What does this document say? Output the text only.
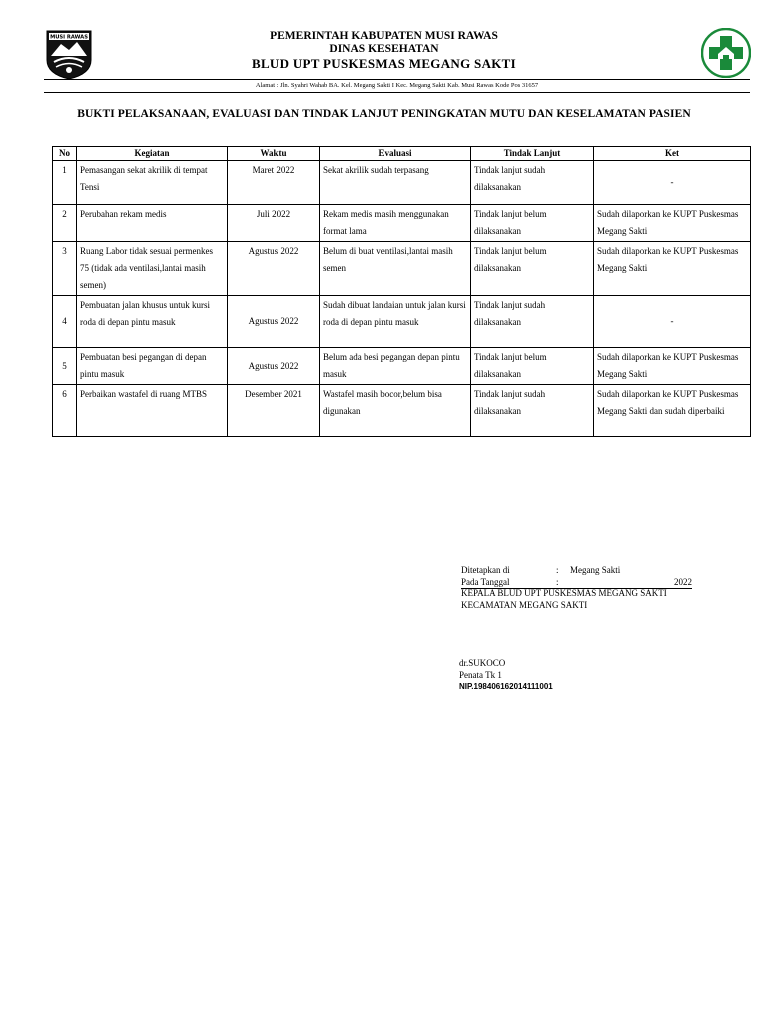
MUSI RAWAS	PEMERINTAH KABUPATEN MUSI RAWAS
DINAS KESEHATAN
BLUD UPT PUSKESMAS MEGANG SAKTI
Alamat : Jln. Syahri Wahab BA. Kel. Megang Sakti I Kec. Megang Sakti Kab. Musi Rawas Kode Pos 31657
BUKTI PELAKSANAAN, EVALUASI DAN TINDAK LANJUT PENINGKATAN MUTU DAN KESELAMATAN PASIEN
No	Kegiatan	Waktu	Evaluasi	Tindak Lanjut	Ket
1	Pemasangan sekat akrilik di tempat Tensi	Maret 2022	Sekat akrilik sudah terpasang	Tindak lanjut sudah dilaksanakan	-
2	Perubahan rekam medis	Juli 2022	Rekam medis masih menggunakan format lama	Tindak lanjut belum dilaksanakan	Sudah dilaporkan ke KUPT Puskesmas Megang Sakti
3	Ruang Labor tidak sesuai permenkes 75 (tidak ada ventilasi,lantai masih semen)	Agustus 2022	Belum di buat ventilasi,lantai masih semen	Tindak lanjut belum dilaksanakan	Sudah dilaporkan ke KUPT Puskesmas Megang Sakti
4	Pembuatan jalan khusus untuk kursi roda di depan pintu masuk	Agustus 2022	Sudah dibuat landaian untuk jalan kursi roda di depan pintu masuk	Tindak lanjut sudah dilaksanakan	-
5	Pembuatan besi pegangan di depan pintu masuk	Agustus 2022	Belum ada besi pegangan depan pintu masuk	Tindak lanjut belum dilaksanakan	Sudah dilaporkan ke KUPT Puskesmas Megang Sakti
6	Perbaikan wastafel di ruang MTBS	Desember 2021	Wastafel masih bocor,belum bisa digunakan	Tindak lanjut sudah dilaksanakan	Sudah dilaporkan ke KUPT Puskesmas Megang Sakti dan sudah diperbaiki
Ditetapkan di	: Megang Sakti
Pada Tanggal	:	2022
KEPALA BLUD UPT PUSKESMAS MEGANG SAKTI
KECAMATAN MEGANG SAKTI
dr.SUKOCO
Penata Tk 1
NIP.198406162014111001
